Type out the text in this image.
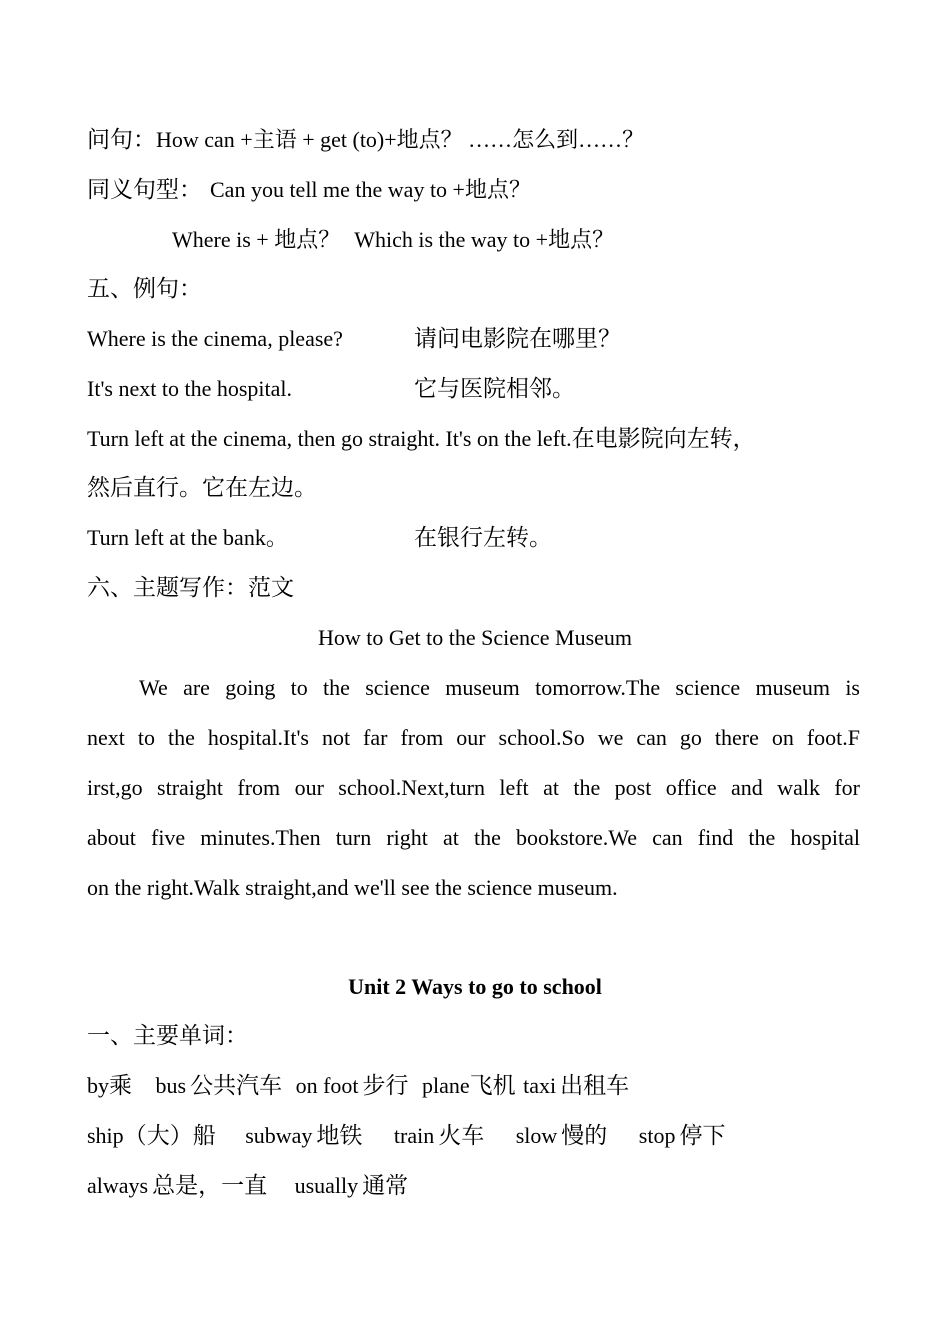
问句：How can +主语 + get (to)+地点？ ……怎么到……？
同义句型： Can you tell me the way to +地点？
Where is + 地点？ Which is the way to +地点？
五、例句：
Where is the cinema, please?	请问电影院在哪里？
It's next to the hospital.	它与医院相邻。
Turn left at the cinema, then go straight. It's on the left.在电影院向左转，
然后直行。它在左边。
Turn left at the bank。	在银行左转。
六、主题写作：范文
How to Get to the Science Museum
We are going to the science museum tomorrow.The science museum is
next to the hospital.It's not far from our school.So we can go there on foot.F
irst,go straight from our school.Next,turn left at the post office and walk for
about five minutes.Then turn right at the bookstore.We can find the hospital
on the right.Walk straight,and we'll see the science museum.
Unit 2 Ways to go to school
一、主要单词：
by乘 bus 公共汽车 on foot 步行 plane飞机 taxi 出租车
ship（大）船 subway 地铁 train 火车 slow 慢的 stop 停下
always 总是，一直 usually 通常
